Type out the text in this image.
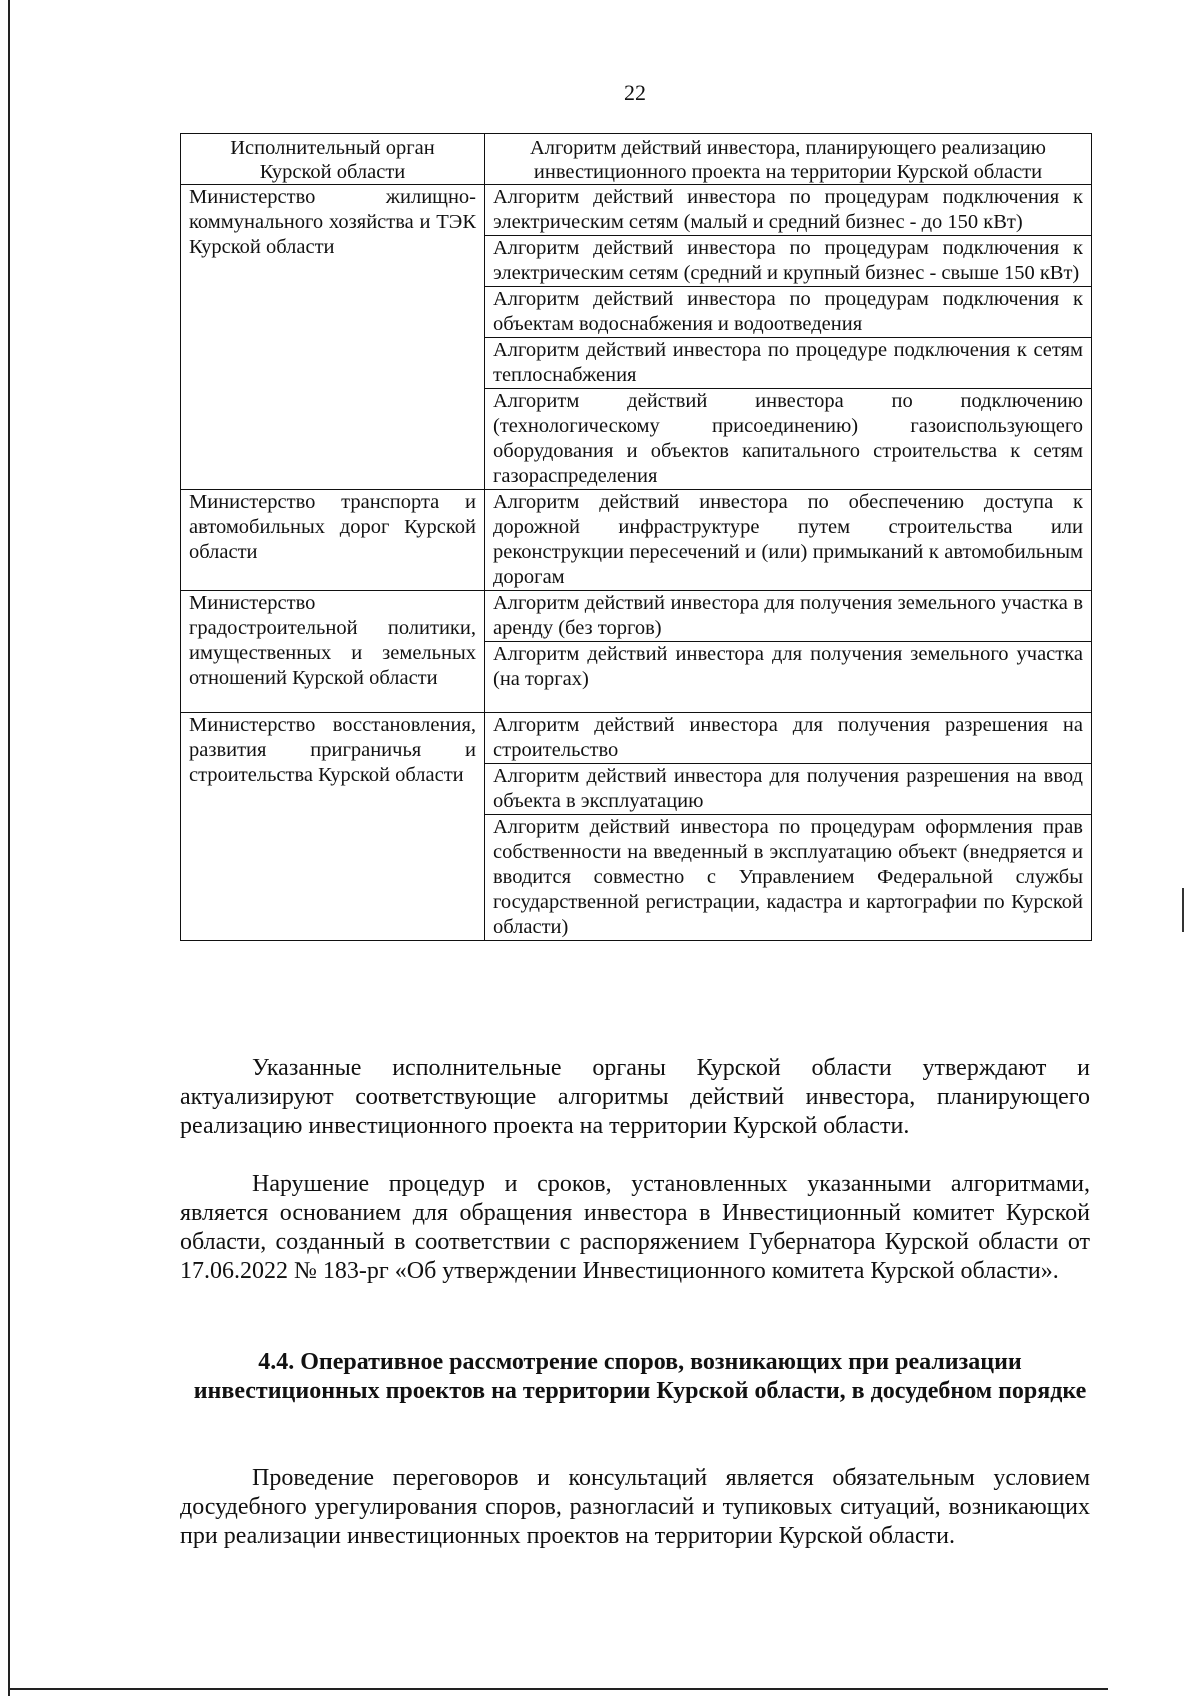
22
Исполнительный орган Курской области	Алгоритм действий инвестора, планирующего реализацию инвестиционного проекта на территории Курской области
Министерство жилищно-коммунального хозяйства и ТЭК Курской области	Алгоритм действий инвестора по процедурам подключения к электрическим сетям (малый и средний бизнес - до 150 кВт)
	Алгоритм действий инвестора по процедурам подключения к электрическим сетям (средний и крупный бизнес - свыше 150 кВт)
	Алгоритм действий инвестора по процедурам подключения к объектам водоснабжения и водоотведения
	Алгоритм действий инвестора по процедуре подключения к сетям теплоснабжения
	Алгоритм действий инвестора по подключению (технологическому присоединению) газоиспользующего оборудования и объектов капитального строительства к сетям газораспределения
Министерство транспорта и автомобильных дорог Курской области	Алгоритм действий инвестора по обеспечению доступа к дорожной инфраструктуре путем строительства или реконструкции пересечений и (или) примыканий к автомобильным дорогам
Министерство градостроительной политики, имущественных и земельных отношений Курской области	Алгоритм действий инвестора для получения земельного участка в аренду (без торгов)
	Алгоритм действий инвестора для получения земельного участка (на торгах)
Министерство восстановления, развития приграничья и строительства Курской области	Алгоритм действий инвестора для получения разрешения на строительство
	Алгоритм действий инвестора для получения разрешения на ввод объекта в эксплуатацию
	Алгоритм действий инвестора по процедурам оформления прав собственности на введенный в эксплуатацию объект (внедряется и вводится совместно с Управлением Федеральной службы государственной регистрации, кадастра и картографии по Курской области)

Указанные исполнительные органы Курской области утверждают и актуализируют соответствующие алгоритмы действий инвестора, планирующего реализацию инвестиционного проекта на территории Курской области.

Нарушение процедур и сроков, установленных указанными алгоритмами, является основанием для обращения инвестора в Инвестиционный комитет Курской области, созданный в соответствии с распоряжением Губернатора Курской области от 17.06.2022 № 183-рг «Об утверждении Инвестиционного комитета Курской области».

4.4. Оперативное рассмотрение споров, возникающих при реализации инвестиционных проектов на территории Курской области, в досудебном порядке

Проведение переговоров и консультаций является обязательным условием досудебного урегулирования споров, разногласий и тупиковых ситуаций, возникающих при реализации инвестиционных проектов на территории Курской области.
